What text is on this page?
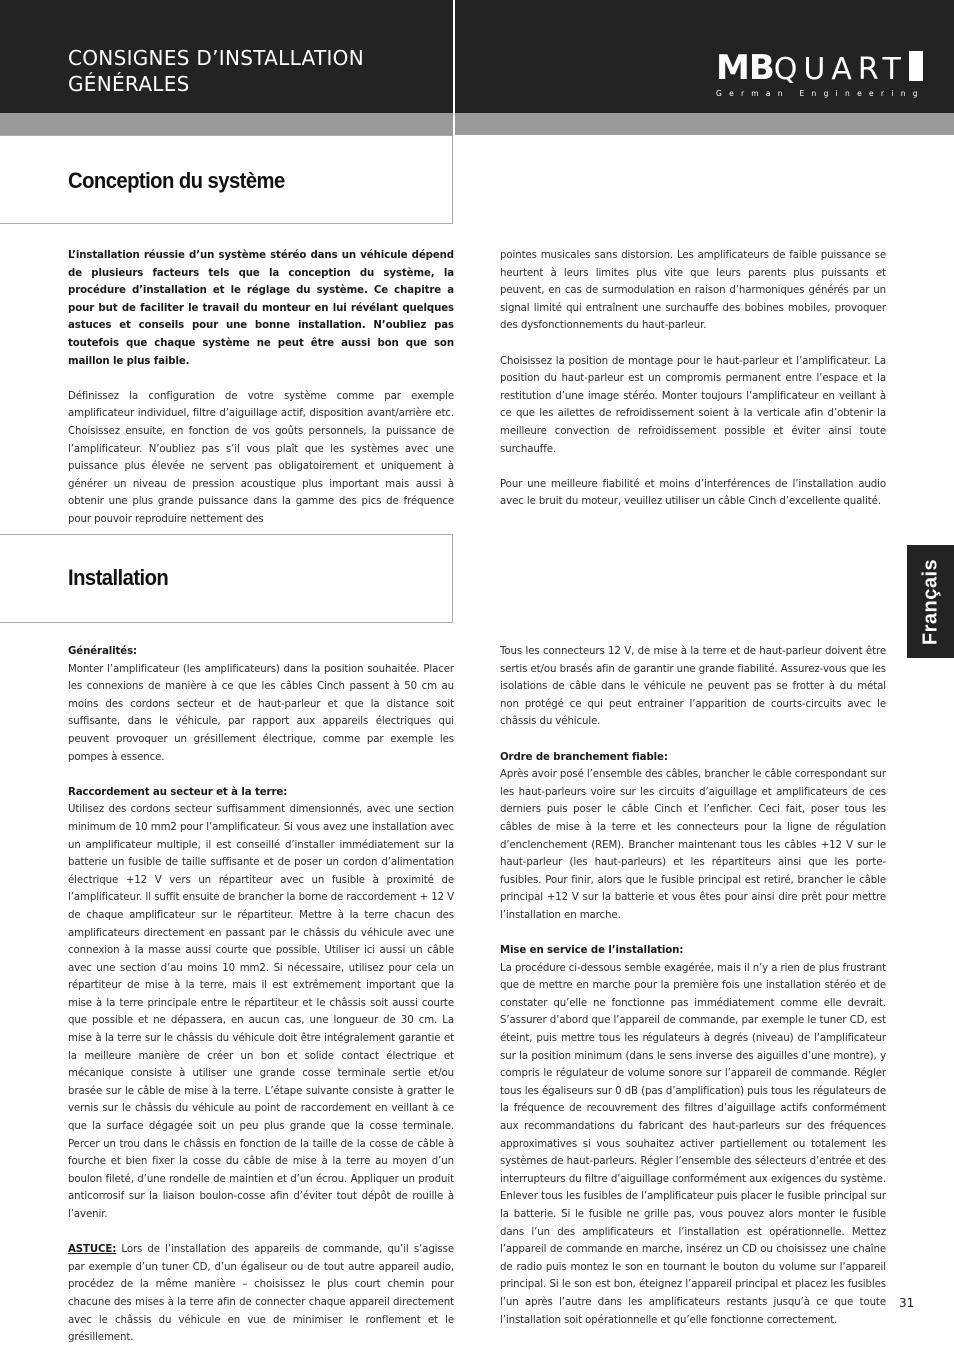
CONSIGNES D’INSTALLATION
GÉNÉRALES	MBQUART
German Engineering
Conception du système

L’installation réussie d’un système stéréo dans un véhicule dépend de plusieurs facteurs tels que la conception du système, la procédure d’installation et le réglage du système. Ce chapitre a pour but de faciliter le travail du monteur en lui révélant quelques astuces et conseils pour une bonne installation. N’oubliez pas toutefois que chaque système ne peut être aussi bon que son maillon le plus faible.

Définissez la configuration de votre système comme par exemple amplificateur individuel, filtre d’aiguillage actif, disposition avant/arrière etc. Choisissez ensuite, en fonction de vos goûts personnels, la puissance de l’amplificateur. N’oubliez pas s’il vous plaît que les systèmes avec une puissance plus élevée ne servent pas obligatoirement et uniquement à générer un niveau de pression acoustique plus important mais aussi à obtenir une plus grande puissance dans la gamme des pics de fréquence pour pouvoir reproduire nettement des

pointes musicales sans distorsion. Les amplificateurs de faible puissance se heurtent à leurs limites plus vite que leurs parents plus puissants et peuvent, en cas de surmodulation en raison d’harmoniques générés par un signal limité qui entraînent une surchauffe des bobines mobiles, provoquer des dysfonctionnements du haut-parleur.

Choisissez la position de montage pour le haut-parleur et l’amplificateur. La position du haut-parleur est un compromis permanent entre l’espace et la restitution d’une image stéréo. Monter toujours l’amplificateur en veillant à ce que les ailettes de refroidissement soient à la verticale afin d’obtenir la meilleure convection de refroidissement possible et éviter ainsi toute surchauffe.

Pour une meilleure fiabilité et moins d’interférences de l’installation audio avec le bruit du moteur, veuillez utiliser un câble Cinch d’excellente qualité.

Installation

Généralités:

Monter l’amplificateur (les amplificateurs) dans la position souhaitée. Placer les connexions de manière à ce que les câbles Cinch passent à 50 cm au moins des cordons secteur et de haut-parleur et que la distance soit suffisante, dans le véhicule, par rapport aux appareils électriques qui peuvent provoquer un grésillement électrique, comme par exemple les pompes à essence.

Raccordement au secteur et à la terre:

Utilisez des cordons secteur suffisamment dimensionnés, avec une section minimum de 10 mm2 pour l’amplificateur. Si vous avez une installation avec un amplificateur multiple, il est conseillé d’installer immédiatement sur la batterie un fusible de taille suffisante et de poser un cordon d’alimentation électrique +12 V vers un répartiteur avec un fusible à proximité de l’amplificateur. Il suffit ensuite de brancher la borne de raccordement + 12 V de chaque amplificateur sur le répartiteur. Mettre à la terre chacun des amplificateurs directement en passant par le châssis du véhicule avec une connexion à la masse aussi courte que possible. Utiliser ici aussi un câble avec une section d’au moins 10 mm2. Si nécessaire, utilisez pour cela un répartiteur de mise à la terre, mais il est extrêmement important que la mise à la terre principale entre le répartiteur et le châssis soit aussi courte que possible et ne dépassera, en aucun cas, une longueur de 30 cm. La mise à la terre sur le châssis du véhicule doit être intégralement garantie et la meilleure manière de créer un bon et solide contact électrique et mécanique consiste à utiliser une grande cosse terminale sertie et/ou brasée sur le câble de mise à la terre. L’étape suivante consiste à gratter le vernis sur le châssis du véhicule au point de raccordement en veillant à ce que la surface dégagée soit un peu plus grande que la cosse terminale. Percer un trou dans le châssis en fonction de la taille de la cosse de câble à fourche et bien fixer la cosse du câble de mise à la terre au moyen d’un boulon fileté, d’une rondelle de maintien et d’un écrou. Appliquer un produit anticorrosif sur la liaison boulon-cosse afin d’éviter tout dépôt de rouille à l’avenir.

ASTUCE: Lors de l’installation des appareils de commande, qu’il s’agisse par exemple d’un tuner CD, d’un égaliseur ou de tout autre appareil audio, procédez de la même manière – choisissez le plus court chemin pour chacune des mises à la terre afin de connecter chaque appareil directement avec le châssis du véhicule en vue de minimiser le ronflement et le grésillement.

Tous les connecteurs 12 V, de mise à la terre et de haut-parleur doivent être sertis et/ou brasés afin de garantir une grande fiabilité. Assurez-vous que les isolations de câble dans le véhicule ne peuvent pas se frotter à du métal non protégé ce qui peut entrainer l’apparition de courts-circuits avec le châssis du véhicule.

Ordre de branchement fiable:

Après avoir posé l’ensemble des câbles, brancher le câble correspondant sur les haut-parleurs voire sur les circuits d’aiguillage et amplificateurs de ces derniers puis poser le câble Cinch et l’enficher. Ceci fait, poser tous les câbles de mise à la terre et les connecteurs pour la ligne de régulation d’enclenchement (REM). Brancher maintenant tous les câbles +12 V sur le haut-parleur (les haut-parleurs) et les répartiteurs ainsi que les porte-fusibles. Pour finir, alors que le fusible principal est retiré, brancher le câble principal +12 V sur la batterie et vous êtes pour ainsi dire prêt pour mettre l’installation en marche.

Mise en service de l’installation:

La procédure ci-dessous semble exagérée, mais il n’y a rien de plus frustrant que de mettre en marche pour la première fois une installation stéréo et de constater qu’elle ne fonctionne pas immédiatement comme elle devrait. S’assurer d’abord que l’appareil de commande, par exemple le tuner CD, est éteint, puis mettre tous les régulateurs à degrés (niveau) de l’amplificateur sur la position minimum (dans le sens inverse des aiguilles d’une montre), y compris le régulateur de volume sonore sur l’appareil de commande. Régler tous les égaliseurs sur 0 dB (pas d’amplification) puis tous les régulateurs de la fréquence de recouvrement des filtres d’aiguillage actifs conformément aux recommandations du fabricant des haut-parleurs sur des fréquences approximatives si vous souhaitez activer partiellement ou totalement les systèmes de haut-parleurs. Régler l’ensemble des sélecteurs d’entrée et des interrupteurs du filtre d’aiguillage conformément aux exigences du système. Enlever tous les fusibles de l’amplificateur puis placer le fusible principal sur la batterie. Si le fusible ne grille pas, vous pouvez alors monter le fusible dans l’un des amplificateurs et l’installation est opérationnelle. Mettez l’appareil de commande en marche, insérez un CD ou choisissez une chaîne de radio puis montez le son en tournant le bouton du volume sur l’appareil principal. Si le son est bon, éteignez l’appareil principal et placez les fusibles l’un après l’autre dans les amplificateurs restants jusqu’à ce que toute l’installation soit opérationnelle et qu’elle fonctionne correctement.

Français
31
